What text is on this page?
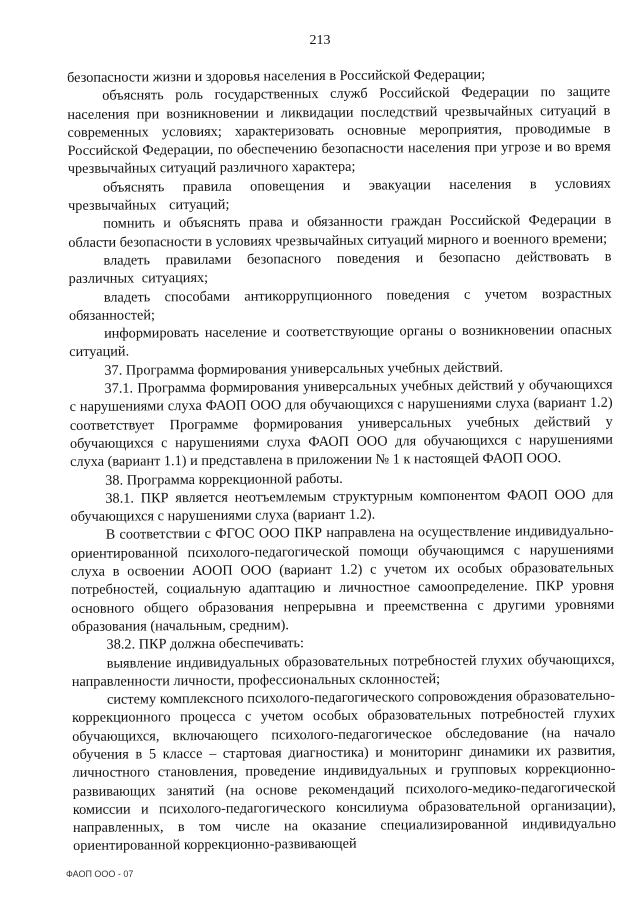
213

безопасности жизни и здоровья населения в Российской Федерации;

объяснять роль государственных служб Российской Федерации по защите населения при возникновении и ликвидации последствий чрезвычайных ситуаций в современных условиях; характеризовать основные мероприятия, проводимые в Российской Федерации, по обеспечению безопасности населения при угрозе и во время чрезвычайных ситуаций различного характера;

объяснять правила оповещения и эвакуации населения в условиях чрезвычайных ситуаций;

помнить и объяснять права и обязанности граждан Российской Федерации в области безопасности в условиях чрезвычайных ситуаций мирного и военного времени;

владеть правилами безопасного поведения и безопасно действовать в различных ситуациях;

владеть способами антикоррупционного поведения с учетом возрастных обязанностей;

информировать население и соответствующие органы о возникновении опасных ситуаций.

37. Программа формирования универсальных учебных действий.

37.1. Программа формирования универсальных учебных действий у обучающихся с нарушениями слуха ФАОП ООО для обучающихся с нарушениями слуха (вариант 1.2) соответствует Программе формирования универсальных учебных действий у обучающихся с нарушениями слуха ФАОП ООО для обучающихся с нарушениями слуха (вариант 1.1) и представлена в приложении № 1 к настоящей ФАОП ООО.

38. Программа коррекционной работы.

38.1. ПКР является неотъемлемым структурным компонентом ФАОП ООО для обучающихся с нарушениями слуха (вариант 1.2).

В соответствии с ФГОС ООО ПКР направлена на осуществление индивидуально-ориентированной психолого-педагогической помощи обучающимся с нарушениями слуха в освоении АООП ООО (вариант 1.2) с учетом их особых образовательных потребностей, социальную адаптацию и личностное самоопределение. ПКР уровня основного общего образования непрерывна и преемственна с другими уровнями образования (начальным, средним).

38.2. ПКР должна обеспечивать:

выявление индивидуальных образовательных потребностей глухих обучающихся, направленности личности, профессиональных склонностей;

систему комплексного психолого-педагогического сопровождения образовательно-коррекционного процесса с учетом особых образовательных потребностей глухих обучающихся, включающего психолого-педагогическое обследование (на начало обучения в 5 классе – стартовая диагностика) и мониторинг динамики их развития, личностного становления, проведение индивидуальных и групповых коррекционно-развивающих занятий (на основе рекомендаций психолого-медико-педагогической комиссии и психолого-педагогического консилиума образовательной организации), направленных, в том числе на оказание специализированной индивидуально ориентированной коррекционно-развивающей

ФАОП ООО - 07
